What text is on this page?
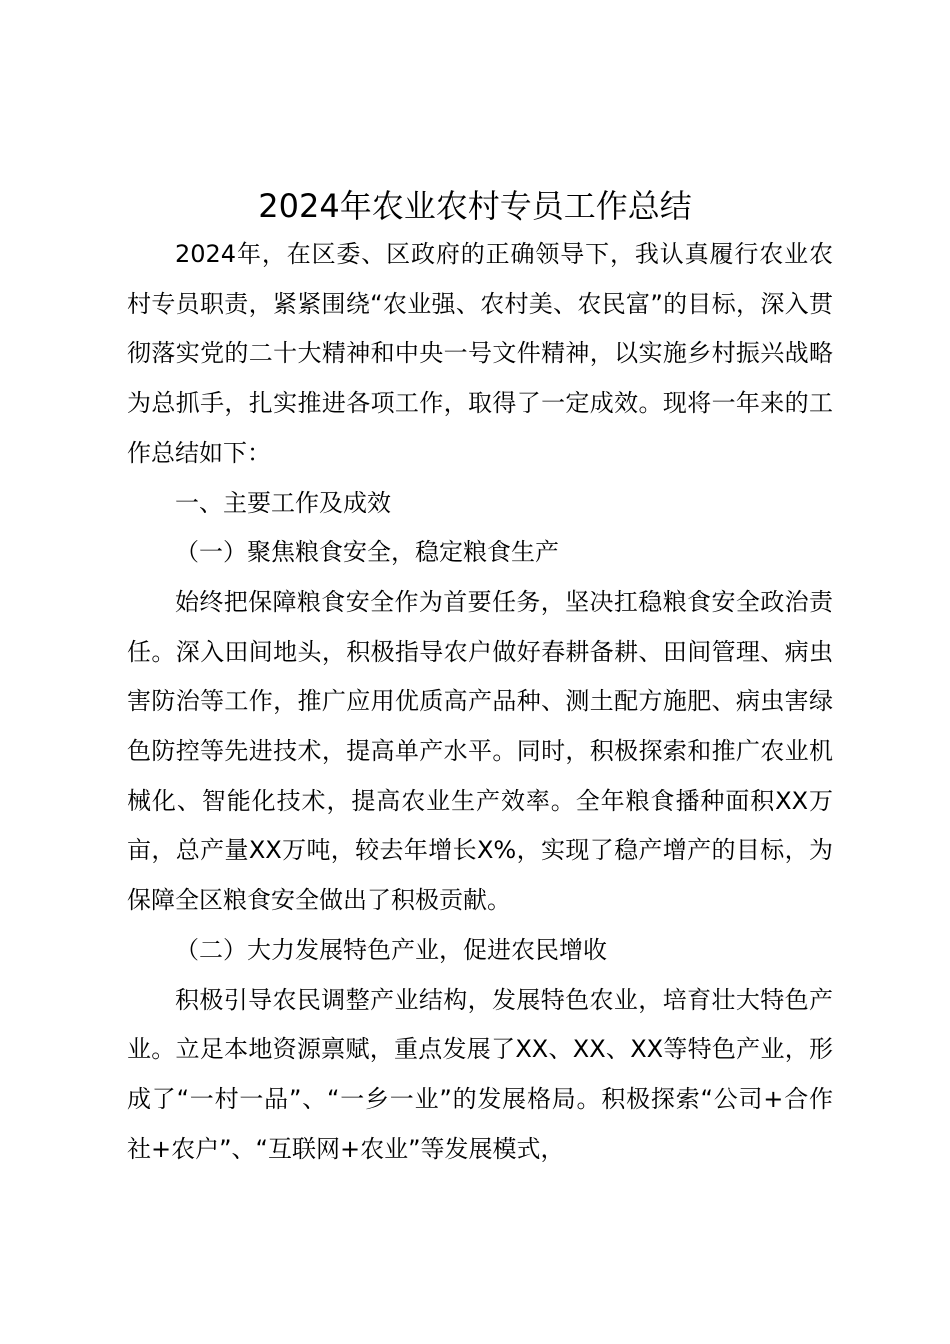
2024年农业农村专员工作总结

2024年，在区委、区政府的正确领导下，我认真履行农业农村专员职责，紧紧围绕“农业强、农村美、农民富”的目标，深入贯彻落实党的二十大精神和中央一号文件精神，以实施乡村振兴战略为总抓手，扎实推进各项工作，取得了一定成效。现将一年来的工作总结如下：

一、主要工作及成效

（一）聚焦粮食安全，稳定粮食生产

始终把保障粮食安全作为首要任务，坚决扛稳粮食安全政治责任。深入田间地头，积极指导农户做好春耕备耕、田间管理、病虫害防治等工作，推广应用优质高产品种、测土配方施肥、病虫害绿色防控等先进技术，提高单产水平。同时，积极探索和推广农业机械化、智能化技术，提高农业生产效率。全年粮食播种面积XX万亩，总产量XX万吨，较去年增长X%，实现了稳产增产的目标，为保障全区粮食安全做出了积极贡献。

（二）大力发展特色产业，促进农民增收

积极引导农民调整产业结构，发展特色农业，培育壮大特色产业。立足本地资源禀赋，重点发展了XX、XX、XX等特色产业，形成了“一村一品”、“一乡一业”的发展格局。积极探索“公司+合作社+农户”、“互联网+农业”等发展模式，
